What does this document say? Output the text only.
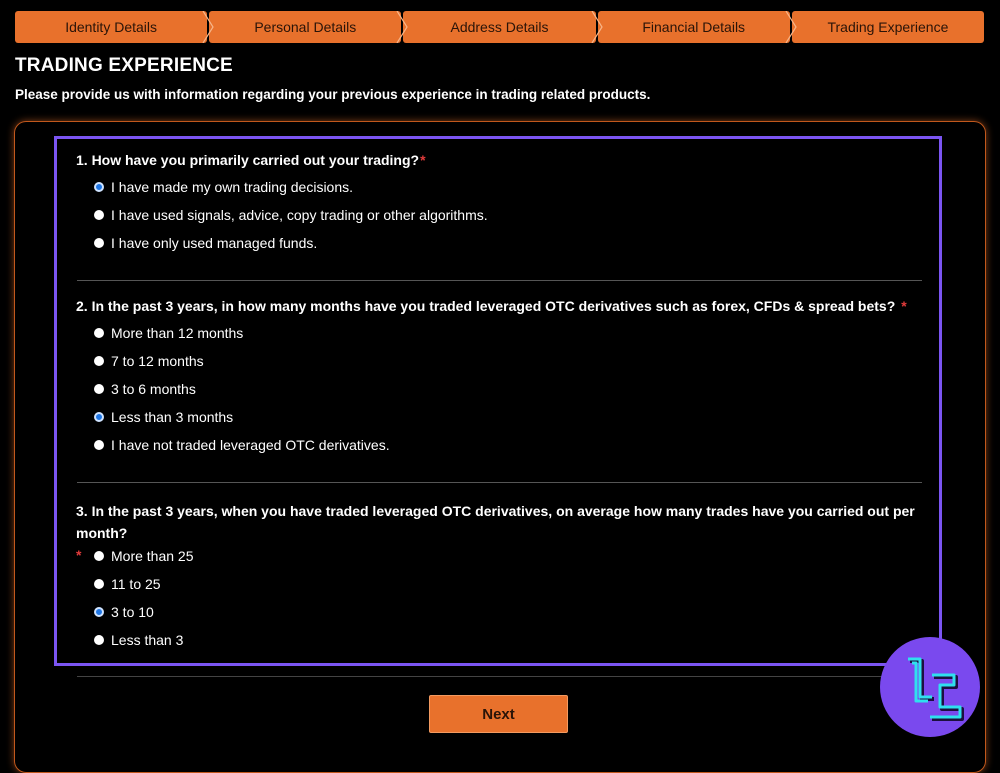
Identity Details	Personal Details	Address Details	Financial Details	Trading Experience
TRADING EXPERIENCE

Please provide us with information regarding your previous experience in trading related products.

1. How have you primarily carried out your trading?*
I have made my own trading decisions.
I have used signals, advice, copy trading or other algorithms.
I have only used managed funds.
2. In the past 3 years, in how many months have you traded leveraged OTC derivatives such as forex, CFDs & spread bets? *
More than 12 months
7 to 12 months
3 to 6 months
Less than 3 months
I have not traded leveraged OTC derivatives.
3. In the past 3 years, when you have traded leveraged OTC derivatives, on average how many trades have you carried out per month?
*	More than 25
11 to 25
3 to 10
Less than 3
Next
